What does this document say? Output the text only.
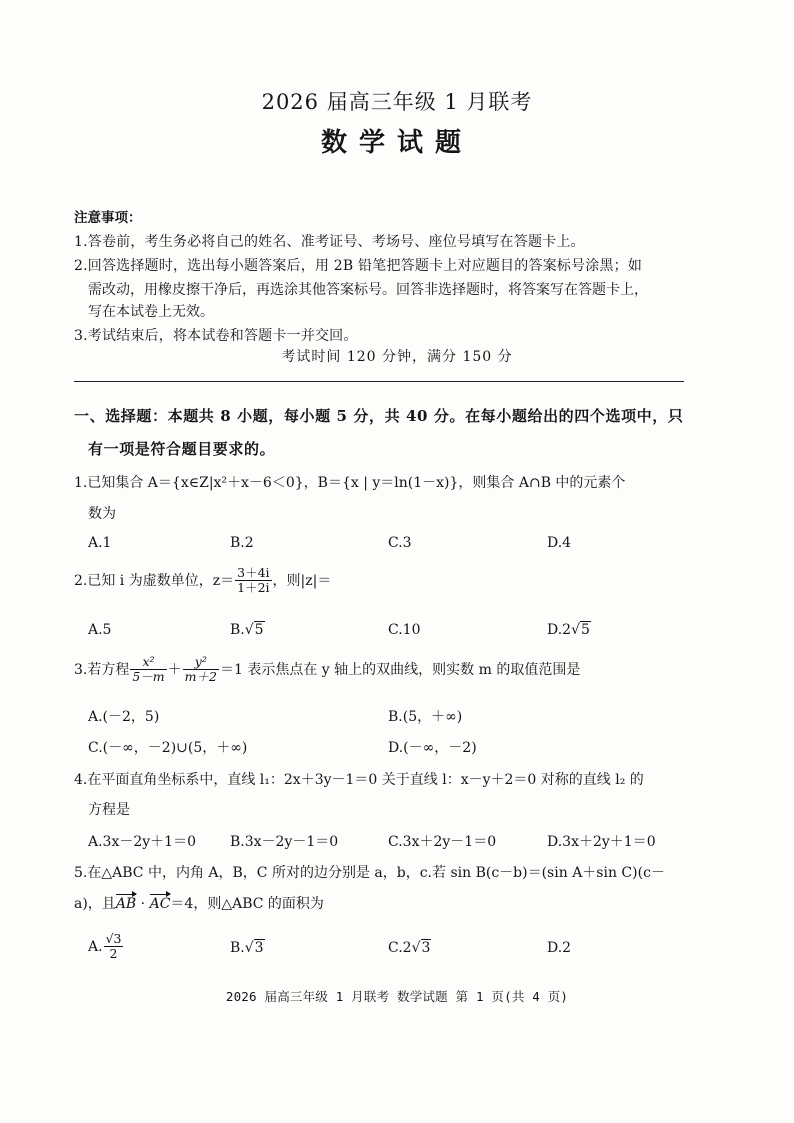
2026 届高三年级 1 月联考
数学试题
注意事项：
1.答卷前，考生务必将自己的姓名、准考证号、考场号、座位号填写在答题卡上。
2.回答选择题时，选出每小题答案后，用 2B 铅笔把答题卡上对应题目的答案标号涂黑；如
需改动，用橡皮擦干净后，再选涂其他答案标号。回答非选择题时，将答案写在答题卡上，
写在本试卷上无效。
3.考试结束后，将本试卷和答题卡一并交回。
考试时间 120 分钟，满分 150 分
一、选择题：本题共 8 小题，每小题 5 分，共 40 分。在每小题给出的四个选项中，只
有一项是符合题目要求的。
1.已知集合 A＝{x∈Z|x²＋x－6＜0}，B＝{x | y＝ln(1－x)}，则集合 A∩B 中的元素个
数为
A.1	B.2	C.3	D.4
2.已知 i 为虚数单位，$z= \frac{3+4i}{1+2i}$ ，则|z|＝
A.5	B.√5	C.10	D.2√5
3.若方程 $\frac{\text{x²}}{5-m} + \frac{\text{y²}}{m+2} =1$ 表示焦点在 y 轴上的双曲线，则实数 m 的取值范围是
A.(－2，5)	B.(5，＋∞)
C.(－∞，－2)∪(5，＋∞)	D.(－∞，－2)
4.在平面直角坐标系中，直线 l₁：2x＋3y－1＝0 关于直线 l：x－y＋2＝0 对称的直线 l₂ 的
方程是
A.3x－2y＋1＝0 B.3x－2y－1＝0	C.3x＋2y－1＝0	D.3x＋2y＋1＝0
5.在△ABC 中，内角 A，B，C 所对的边分别是 a，b，c.若 sin B(c－b)＝(sin A＋sin C)(c－
a)，且AB · AC＝4，则△ABC 的面积为
A. $\frac{√3}{2}$	B.√3	C.2√3	D.2
2026 届高三年级 1 月联考 数学试题 第 1 页(共 4 页)
